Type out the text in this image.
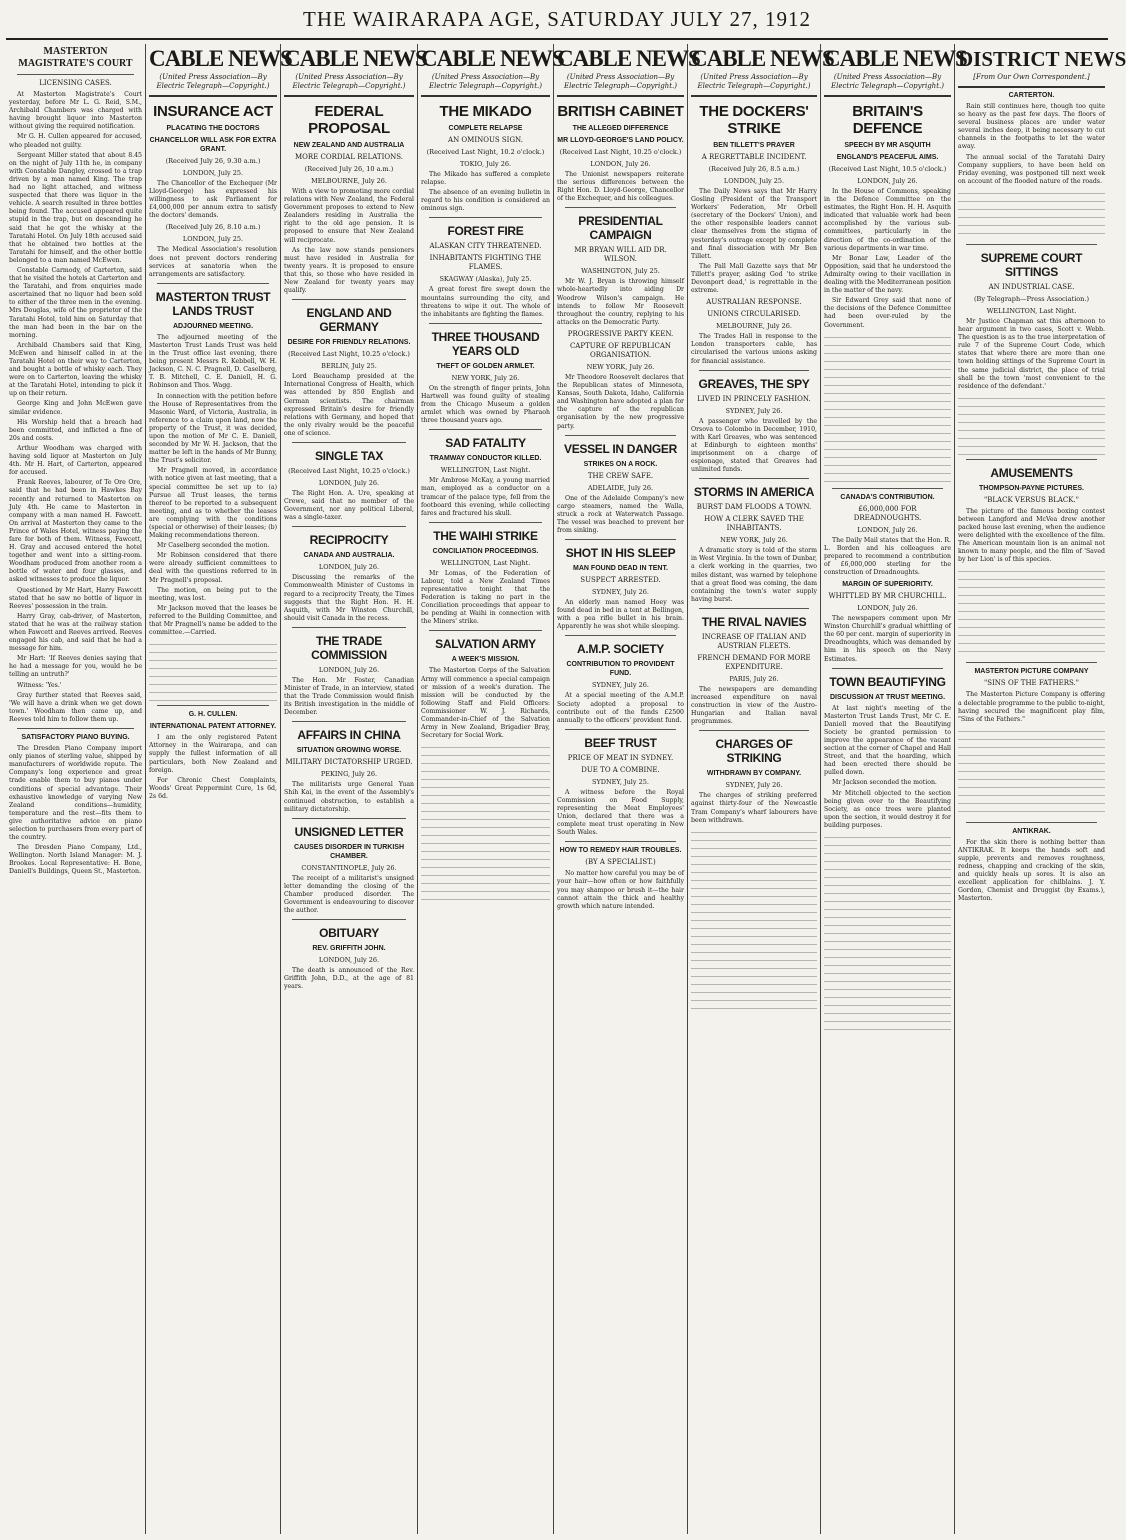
THE WAIRARAPA AGE, SATURDAY JULY 27, 1912
MASTERTON MAGISTRATE'S COURT
LICENSING CASES.

At Masterton Magistrate's Court yesterday, before Mr L. G. Reid, S.M., Archibald Chambers was charged with having brought liquor into Masterton without giving the required notification.

Mr G. H. Cullen appeared for accused, who pleaded not guilty.

Sergeant Miller stated that about 8.45 on the night of July 11th he, in company with Constable Dangley, crossed to a trap driven by a man named King. The trap had no light attached, and witness suspected that there was liquor in the vehicle. A search resulted in three bottles being found. The accused appeared quite stupid in the trap, but on descending he said that he got the whisky at the Taratahi Hotel. On July 18th accused said that he obtained two bottles at the Taratahi for himself, and the other bottle belonged to a man named McEwen.

Constable Carmody, of Carterton, said that he visited the hotels at Carterton and the Taratahi, and from enquiries made ascertained that no liquor had been sold to either of the three men in the evening. Mrs Douglas, wife of the proprietor of the Taratahi Hotel, told him on Saturday that the man had been in the bar on the morning.

Archibald Chambers said that King, McEwen and himself called in at the Taratahi Hotel on their way to Carterton, and bought a bottle of whisky each. They were on to Carterton, leaving the whisky at the Taratahi Hotel, intending to pick it up on their return.

George King and John McEwen gave similar evidence.

His Worship held that a breach had been committed, and inflicted a fine of 20s and costs.

Arthur Woodham was charged with having sold liquor at Masterton on July 4th. Mr H. Hart, of Carterton, appeared for accused.

Frank Reeves, labourer, of Te Ore Ore, said that he had been in Hawkes Bay recently and returned to Masterton on July 4th. He came to Masterton in company with a man named H. Fawcett. On arrival at Masterton they came to the Prince of Wales Hotel, witness paying the fare for both of them. Witness, Fawcett, H. Gray and accused entered the hotel together and went into a sitting-room. Woodham produced from another room a bottle of water and four glasses, and asked witnesses to produce the liquor.

Questioned by Mr Hart, Harry Fawcett stated that he saw no bottle of liquor in Reeves' possession in the train.

Harry Gray, cab-driver, of Masterton, stated that he was at the railway station when Fawcett and Reeves arrived. Reeves engaged his cab, and said that he had a message for him.

Mr Hart: 'If Reeves denies saying that he had a message for you, would he be telling an untruth?'

Witness: 'Yes.'

Gray further stated that Reeves said, 'We will have a drink when we get down town.' Woodham then came up, and Reeves told him to follow them up.

SATISFACTORY PIANO BUYING.

The Dresden Piano Company import only pianos of sterling value, shipped by manufacturers of worldwide repute. The Company's long experience and great trade enable them to buy pianos under conditions of special advantage. Their exhaustive knowledge of varying New Zealand conditions—humidity, temperature and the rest—fits them to give authoritative advice on piano selection to purchasers from every part of the country.

The Dresden Piano Company, Ltd., Wellington. North Island Manager: M. J. Brookes. Local Representative: H. Bone, Daniell's Buildings, Queen St., Masterton.

CABLE NEWS
(United Press Association—By Electric Telegraph—Copyright.)
INSURANCE ACT
PLACATING THE DOCTORS
CHANCELLOR WILL ASK FOR EXTRA GRANT.
(Received July 26, 9.30 a.m.)
LONDON, July 25.

The Chancellor of the Exchequer (Mr Lloyd-George) has expressed his willingness to ask Parliament for £4,000,000 per annum extra to satisfy the doctors' demands.

(Received July 26, 8.10 a.m.)
LONDON, July 25.

The Medical Association's resolution does not prevent doctors rendering services at sanatoria when the arrangements are satisfactory.

MASTERTON TRUST LANDS TRUST
ADJOURNED MEETING.

The adjourned meeting of the Masterton Trust Lands Trust was held in the Trust office last evening, there being present Messrs R. Kebbell, W. H. Jackson, C. N. C. Pragnell, D. Caselberg, T. B. Mitchell, C. E. Daniell, H. G. Robinson and Thos. Wagg.

In connection with the petition before the House of Representatives from the Masonic Ward, of Victoria, Australia, in reference to a claim upon land, now the property of the Trust, it was decided, upon the motion of Mr C. E. Daniell, seconded by Mr W. H. Jackson, that the matter be left in the hands of Mr Bunny, the Trust's solicitor.

Mr Pragnell moved, in accordance with notice given at last meeting, that a special committee be set up to (a) Pursue all Trust leases, the terms thereof to be reported to a subsequent meeting, and as to whether the leases are complying with the conditions (special or otherwise) of their leases; (b) Making recommendations thereon.

Mr Caselberg seconded the motion.

Mr Robinson considered that there were already sufficient committees to deal with the questions referred to in Mr Pragnell's proposal.

The motion, on being put to the meeting, was lost.

Mr Jackson moved that the leases be referred to the Building Committee, and that Mr Pragnell's name be added to the committee.—Carried.

G. H. CULLEN.
INTERNATIONAL PATENT ATTORNEY.

I am the only registered Patent Attorney in the Wairarapa, and can supply the fullest information of all particulars, both New Zealand and foreign.

For Chronic Chest Complaints, Woods' Great Peppermint Cure, 1s 6d, 2s 6d.

CABLE NEWS
(United Press Association—By Electric Telegraph—Copyright.)
FEDERAL PROPOSAL
NEW ZEALAND AND AUSTRALIA
MORE CORDIAL RELATIONS.
(Received July 26, 10 a.m.)
MELBOURNE, July 26.

With a view to promoting more cordial relations with New Zealand, the Federal Government proposes to extend to New Zealanders residing in Australia the right to the old age pension. It is proposed to ensure that New Zealand will reciprocate.

As the law now stands pensioners must have resided in Australia for twenty years. It is proposed to ensure that this, so those who have resided in New Zealand for twenty years may qualify.

ENGLAND AND GERMANY
DESIRE FOR FRIENDLY RELATIONS.
(Received Last Night, 10.25 o'clock.)
BERLIN, July 25.

Lord Beauchamp presided at the International Congress of Health, which was attended by 850 English and German scientists. The chairman expressed Britain's desire for friendly relations with Germany, and hoped that the only rivalry would be the peaceful one of science.

SINGLE TAX
(Received Last Night, 10.25 o'clock.)
LONDON, July 26.

The Right Hon. A. Ure, speaking at Crewe, said that no member of the Government, nor any political Liberal, was a single-taxer.

RECIPROCITY
CANADA AND AUSTRALIA.
LONDON, July 26.

Discussing the remarks of the Commonwealth Minister of Customs in regard to a reciprocity Treaty, the Times suggests that the Right Hon. H. H. Asquith, with Mr Winston Churchill, should visit Canada in the recess.

THE TRADE COMMISSION
LONDON, July 26.

The Hon. Mr Foster, Canadian Minister of Trade, in an interview, stated that the Trade Commission would finish its British investigation in the middle of December.

AFFAIRS IN CHINA
SITUATION GROWING WORSE.
MILITARY DICTATORSHIP URGED.
PEKING, July 26.

The militarists urge General Yuan Shih Kai, in the event of the Assembly's continued obstruction, to establish a military dictatorship.

UNSIGNED LETTER
CAUSES DISORDER IN TURKISH CHAMBER.
CONSTANTINOPLE, July 26.

The receipt of a militarist's unsigned letter demanding the closing of the Chamber produced disorder. The Government is endeavouring to discover the author.

OBITUARY
REV. GRIFFITH JOHN.
LONDON, July 26.

The death is announced of the Rev. Griffith John, D.D., at the age of 81 years.

CABLE NEWS
(United Press Association—By Electric Telegraph—Copyright.)
THE MIKADO
COMPLETE RELAPSE
AN OMINOUS SIGN.
(Received Last Night, 10.2 o'clock.)
TOKIO, July 26.

The Mikado has suffered a complete relapse.

The absence of an evening bulletin in regard to his condition is considered an ominous sign.

FOREST FIRE
ALASKAN CITY THREATENED.
INHABITANTS FIGHTING THE FLAMES.
SKAGWAY (Alaska), July 25.

A great forest fire swept down the mountains surrounding the city, and threatens to wipe it out. The whole of the inhabitants are fighting the flames.

THREE THOUSAND YEARS OLD
THEFT OF GOLDEN ARMLET.
NEW YORK, July 26.

On the strength of finger prints, John Hartwell was found guilty of stealing from the Chicago Museum a golden armlet which was owned by Pharaoh three thousand years ago.

SAD FATALITY
TRAMWAY CONDUCTOR KILLED.
WELLINGTON, Last Night.

Mr Ambrose McKay, a young married man, employed as a conductor on a tramcar of the palace type, fell from the footboard this evening, while collecting fares and fractured his skull.

THE WAIHI STRIKE
CONCILIATION PROCEEDINGS.
WELLINGTON, Last Night.

Mr Lomas, of the Federation of Labour, told a New Zealand Times representative tonight that the Federation is taking no part in the Conciliation proceedings that appear to be pending at Waihi in connection with the Miners' strike.

SALVATION ARMY
A WEEK'S MISSION.

The Masterton Corps of the Salvation Army will commence a special campaign or mission of a week's duration. The mission will be conducted by the following Staff and Field Officers: Commissioner W. J. Richards, Commander-in-Chief of the Salvation Army in New Zealand, Brigadier Bray, Secretary for Social Work.

CABLE NEWS
(United Press Association—By Electric Telegraph—Copyright.)
BRITISH CABINET
THE ALLEGED DIFFERENCE
MR LLOYD-GEORGE'S LAND POLICY.
(Received Last Night, 10.25 o'clock.)
LONDON, July 26.

The Unionist newspapers reiterate the serious differences between the Right Hon. D. Lloyd-George, Chancellor of the Exchequer, and his colleagues.

PRESIDENTIAL CAMPAIGN
MR BRYAN WILL AID DR. WILSON.
WASHINGTON, July 25.

Mr W. J. Bryan is throwing himself whole-heartedly into aiding Dr Woodrow Wilson's campaign. He intends to follow Mr Roosevelt throughout the country, replying to his attacks on the Democratic Party.

PROGRESSIVE PARTY KEEN.
CAPTURE OF REPUBLICAN ORGANISATION.
NEW YORK, July 26.

Mr Theodore Roosevelt declares that the Republican states of Minnesota, Kansas, South Dakota, Idaho, California and Washington have adopted a plan for the capture of the republican organisation by the new progressive party.

VESSEL IN DANGER
STRIKES ON A ROCK.
THE CREW SAFE.
ADELAIDE, July 26.

One of the Adelaide Company's new cargo steamers, named the Walla, struck a rock at Waterwatch Passage. The vessel was beached to prevent her from sinking.

SHOT IN HIS SLEEP
MAN FOUND DEAD IN TENT.
SUSPECT ARRESTED.
SYDNEY, July 26.

An elderly man named Hoey was found dead in bed in a tent at Bellingen, with a pea rifle bullet in his brain. Apparently he was shot while sleeping.

A.M.P. SOCIETY
CONTRIBUTION TO PROVIDENT FUND.
SYDNEY, July 26.

At a special meeting of the A.M.P. Society adopted a proposal to contribute out of the funds £2500 annually to the officers' provident fund.

BEEF TRUST
PRICE OF MEAT IN SYDNEY.
DUE TO A COMBINE.
SYDNEY, July 25.

A witness before the Royal Commission on Food Supply, representing the Meat Employees' Union, declared that there was a complete meat trust operating in New South Wales.

HOW TO REMEDY HAIR TROUBLES.
(BY A SPECIALIST.)

No matter how careful you may be of your hair—how often or how faithfully you may shampoo or brush it—the hair cannot attain the thick and healthy growth which nature intended.

CABLE NEWS
(United Press Association—By Electric Telegraph—Copyright.)
THE DOCKERS' STRIKE
BEN TILLETT'S PRAYER
A REGRETTABLE INCIDENT.
(Received July 26, 8.5 a.m.)
LONDON, July 25.

The Daily News says that Mr Harry Gosling (President of the Transport Workers' Federation, Mr Orbell (secretary of the Dockers' Union), and the other responsible leaders cannot clear themselves from the stigma of yesterday's outrage except by complete and final dissociation with Mr Ben Tillett.

The Pall Mall Gazette says that Mr Tillett's prayer, asking God 'to strike Devonport dead,' is regrettable in the extreme.

AUSTRALIAN RESPONSE.
UNIONS CIRCULARISED.
MELBOURNE, July 26.

The Trades Hall in response to the London transporters cable, has circularised the various unions asking for financial assistance.

GREAVES, THE SPY
LIVED IN PRINCELY FASHION.
SYDNEY, July 26.

A passenger who travelled by the Orsova to Colombo in December, 1910, with Karl Greaves, who was sentenced at Edinburgh to eighteen months' imprisonment on a charge of espionage, stated that Greaves had unlimited funds.

STORMS IN AMERICA
BURST DAM FLOODS A TOWN.
HOW A CLERK SAVED THE INHABITANTS.
NEW YORK, July 26.

A dramatic story is told of the storm in West Virginia. In the town of Dunbar, a clerk working in the quarries, two miles distant, was warned by telephone that a great flood was coming, the dam containing the town's water supply having burst.

THE RIVAL NAVIES
INCREASE OF ITALIAN AND AUSTRIAN FLEETS.
FRENCH DEMAND FOR MORE EXPENDITURE.
PARIS, July 26.

The newspapers are demanding increased expenditure on naval construction in view of the Austro-Hungarian and Italian naval programmes.

CHARGES OF STRIKING
WITHDRAWN BY COMPANY.
SYDNEY, July 26.

The charges of striking preferred against thirty-four of the Newcastle Tram Company's wharf labourers have been withdrawn.

CABLE NEWS
(United Press Association—By Electric Telegraph—Copyright.)
BRITAIN'S DEFENCE
SPEECH BY MR ASQUITH
ENGLAND'S PEACEFUL AIMS.
(Received Last Night, 10.5 o'clock.)
LONDON, July 26.

In the House of Commons, speaking in the Defence Committee on the estimates, the Right Hon. H. H. Asquith indicated that valuable work had been accomplished by the various sub-committees, particularly in the direction of the co-ordination of the various departments in war time.

Mr Bonar Law, Leader of the Opposition, said that he understood the Admiralty owing to their vacillation in dealing with the Mediterranean position in the matter of the navy.

Sir Edward Grey said that none of the decisions of the Defence Committee had been over-ruled by the Government.

CANADA'S CONTRIBUTION.
£6,000,000 FOR DREADNOUGHTS.
LONDON, July 26.

The Daily Mail states that the Hon. R. L. Borden and his colleagues are prepared to recommend a contribution of £6,000,000 sterling for the construction of Dreadnoughts.

MARGIN OF SUPERIORITY.
WHITTLED BY MR CHURCHILL.
LONDON, July 26.

The newspapers comment upon Mr Winston Churchill's gradual whittling of the 60 per cent. margin of superiority in Dreadnoughts, which was demanded by him in his speech on the Navy Estimates.

TOWN BEAUTIFYING
DISCUSSION AT TRUST MEETING.

At last night's meeting of the Masterton Trust Lands Trust, Mr C. E. Daniell moved that the Beautifying Society be granted permission to improve the appearance of the vacant section at the corner of Chapel and Hall Street, and that the hoarding, which had been erected there should be pulled down.

Mr Jackson seconded the motion.

Mr Mitchell objected to the section being given over to the Beautifying Society, as once trees were planted upon the section, it would destroy it for building purposes.

DISTRICT NEWS
[From Our Own Correspondent.]
CARTERTON.

Rain still continues here, though too quite so heavy as the past few days. The floors of several business places are under water several inches deep, it being necessary to cut channels in the footpaths to let the water away.

The annual social of the Taratahi Dairy Company suppliers, to have been held on Friday evening, was postponed till next week on account of the flooded nature of the roads.

SUPREME COURT SITTINGS
AN INDUSTRIAL CASE.
(By Telegraph—Press Association.)
WELLINGTON, Last Night.

Mr Justice Chapman sat this afternoon to hear argument in two cases, Scott v. Webb. The question is as to the true interpretation of rule 7 of the Supreme Court Code, which states that where there are more than one town holding sittings of the Supreme Court in the same judicial district, the place of trial shall be the town 'most convenient to the residence of the defendant.'

AMUSEMENTS
THOMPSON-PAYNE PICTURES.
"BLACK VERSUS BLACK."

The picture of the famous boxing contest between Langford and McVea drew another packed house last evening, when the audience were delighted with the excellence of the film. The American mountain lion is an animal not known to many people, and the film of 'Saved by her Lion' is of this species.

MASTERTON PICTURE COMPANY
"SINS OF THE FATHERS."

The Masterton Picture Company is offering a delectable programme to the public to-night, having secured the magnificent play film, "Sins of the Fathers."

ANTIKRAK.

For the skin there is nothing better than ANTIKRAK. It keeps the hands soft and supple, prevents and removes roughness, redness, chapping and cracking of the skin, and quickly heals up sores. It is also an excellent application for chilblains. J. Y. Gordon, Chemist and Druggist (by Exams.), Masterton.
